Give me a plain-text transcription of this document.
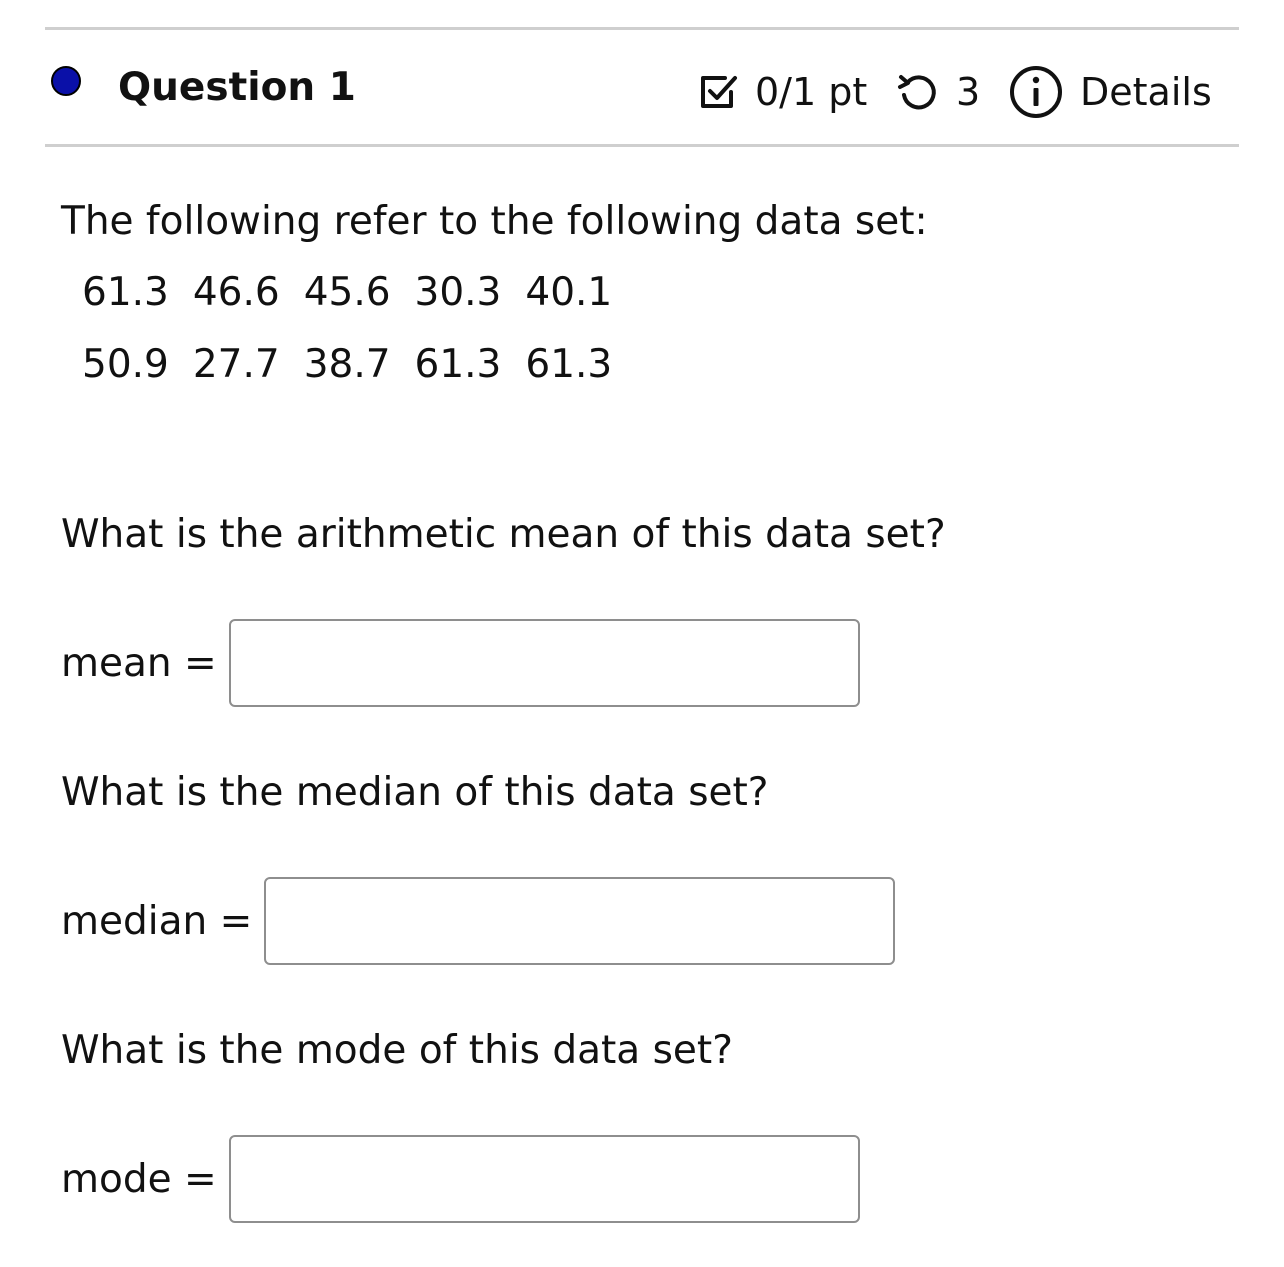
Question 1	0/1 pt 3	Details
The following refer to the following data set:
61.3	46.6	45.6	30.3	40.1
50.9	27.7	38.7	61.3	61.3
What is the arithmetic mean of this data set?
mean =
What is the median of this data set?
median =
What is the mode of this data set?
mode =
